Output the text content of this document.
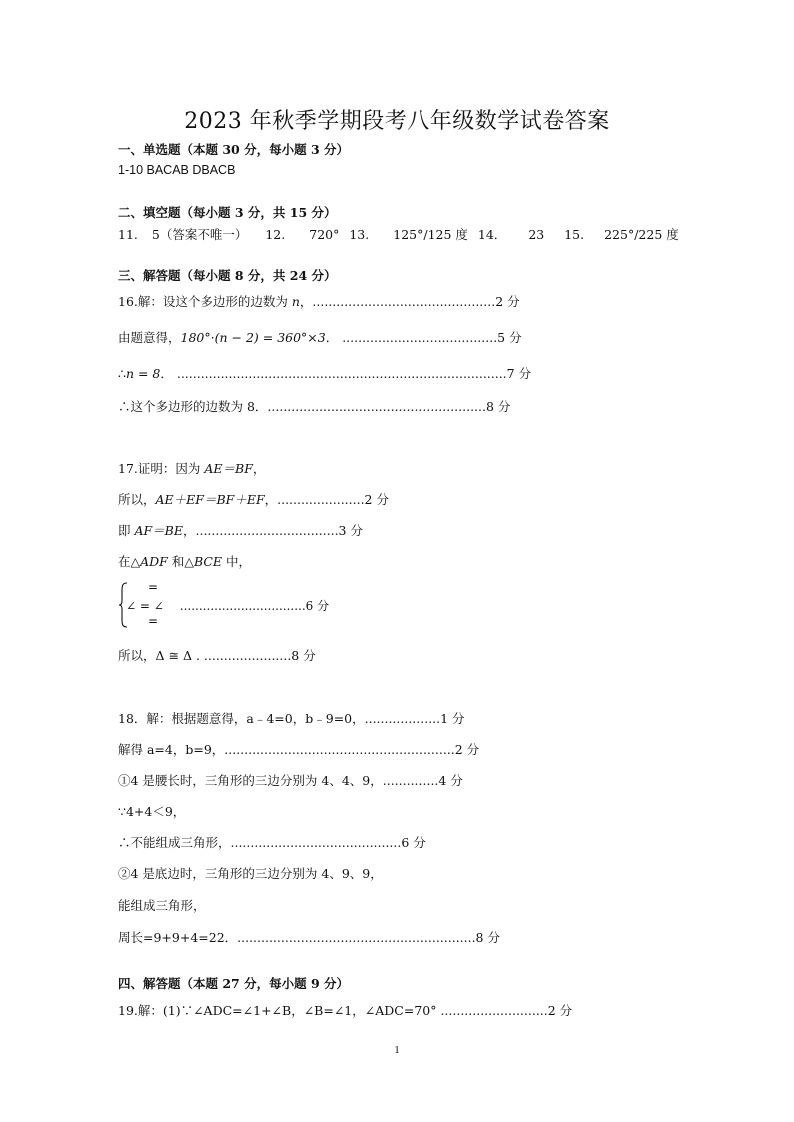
2023 年秋季学期段考八年级数学试卷答案
一、单选题（本题 30 分，每小题 3 分）
1-10 BACAB DBACB
二、填空题（每小题 3 分，共 15 分）
11. 5（答案不唯一） 12. 720° 13. 125°/125 度 14． 23 15. 225°/225 度
三、解答题（每小题 8 分，共 24 分）
16.解：设这个多边形的边数为 n，..............................................2 分
由题意得，180°·(n − 2) = 360°×3． .......................................5 分
∴n = 8． ...................................................................................7 分
∴这个多边形的边数为 8．.......................................................8 分
17.证明：因为 AE＝BF，
所以，AE＋EF＝BF＋EF，......................2 分
即 AF＝BE，....................................3 分
在△ADF 和△BCE 中，
=
∠ = ∠ .................................6 分
=
所以，Δ ≅ Δ . ......................8 分
18．解：根据题意得，a﹣4=0，b﹣9=0，...................1 分
解得 a=4，b=9，..........................................................2 分
①4 是腰长时，三角形的三边分别为 4、4、9，..............4 分
∵4+4＜9，
∴不能组成三角形，...........................................6 分
②4 是底边时，三角形的三边分别为 4、9、9，
能组成三角形，
周长=9+9+4=22．............................................................8 分
四、解答题（本题 27 分，每小题 9 分）
19.解：(1)∵∠ADC=∠1+∠B，∠B=∠1，∠ADC=70° ...........................2 分
1
